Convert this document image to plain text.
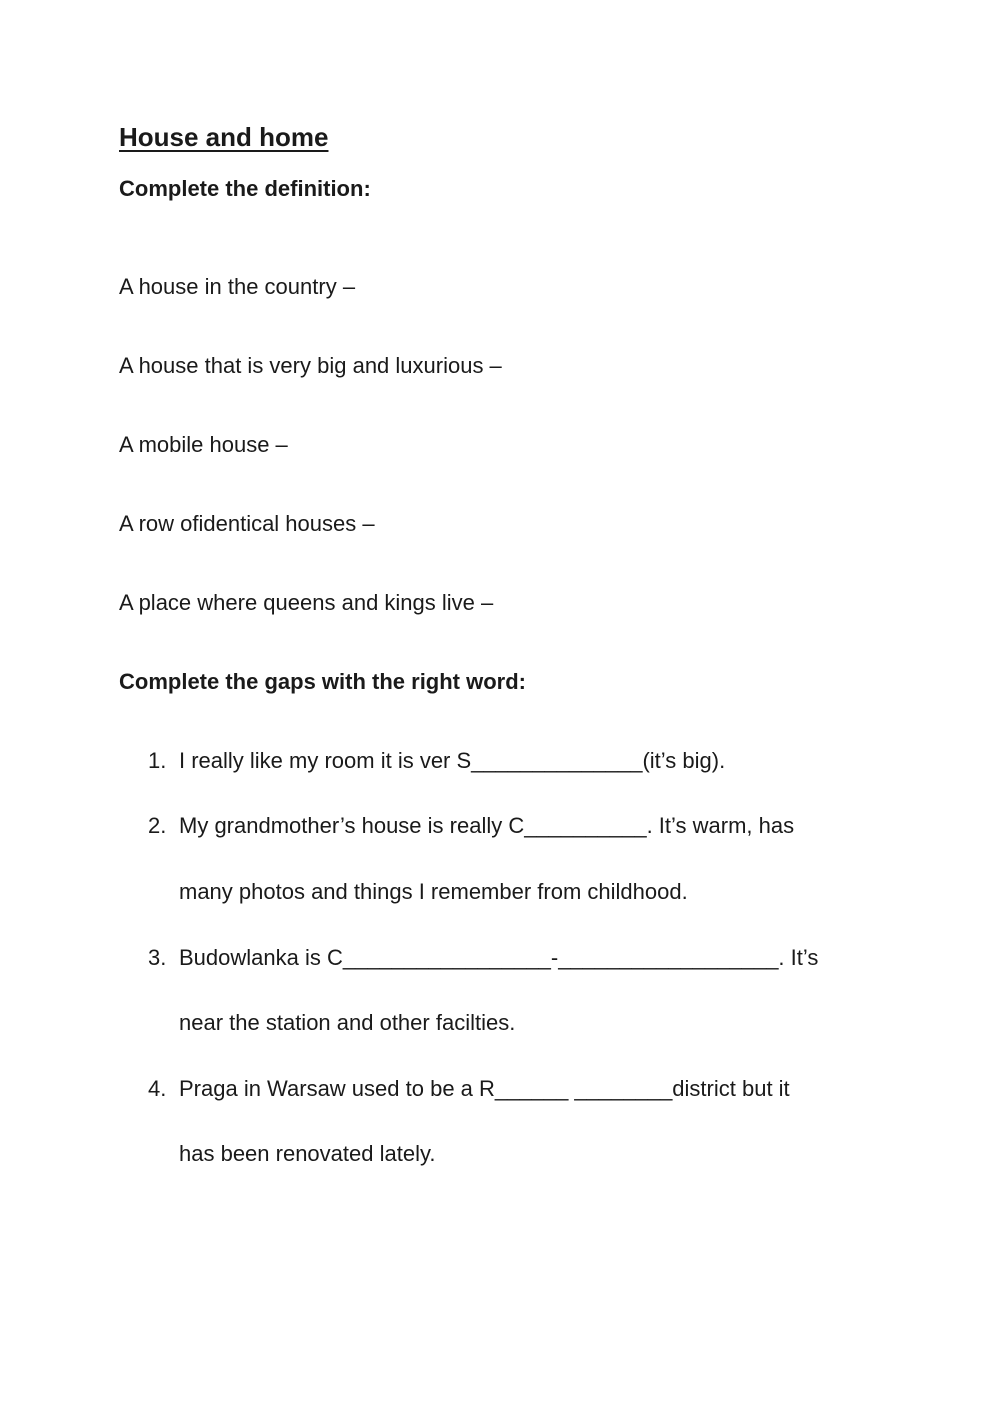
House and home

Complete the definition:

A house in the country –

A house that is very big and luxurious –

A mobile house –

A row ofidentical houses –

A place where queens and kings live –

Complete the gaps with the right word:

1. I really like my room it is ver S______________(it’s big).

2. My grandmother’s house is really C__________. It’s warm, has

many photos and things I remember from childhood.

3. Budowlanka is C_________________-__________________. It’s

near the station and other facilties.

4. Praga in Warsaw used to be a R______ ________district but it

has been renovated lately.
